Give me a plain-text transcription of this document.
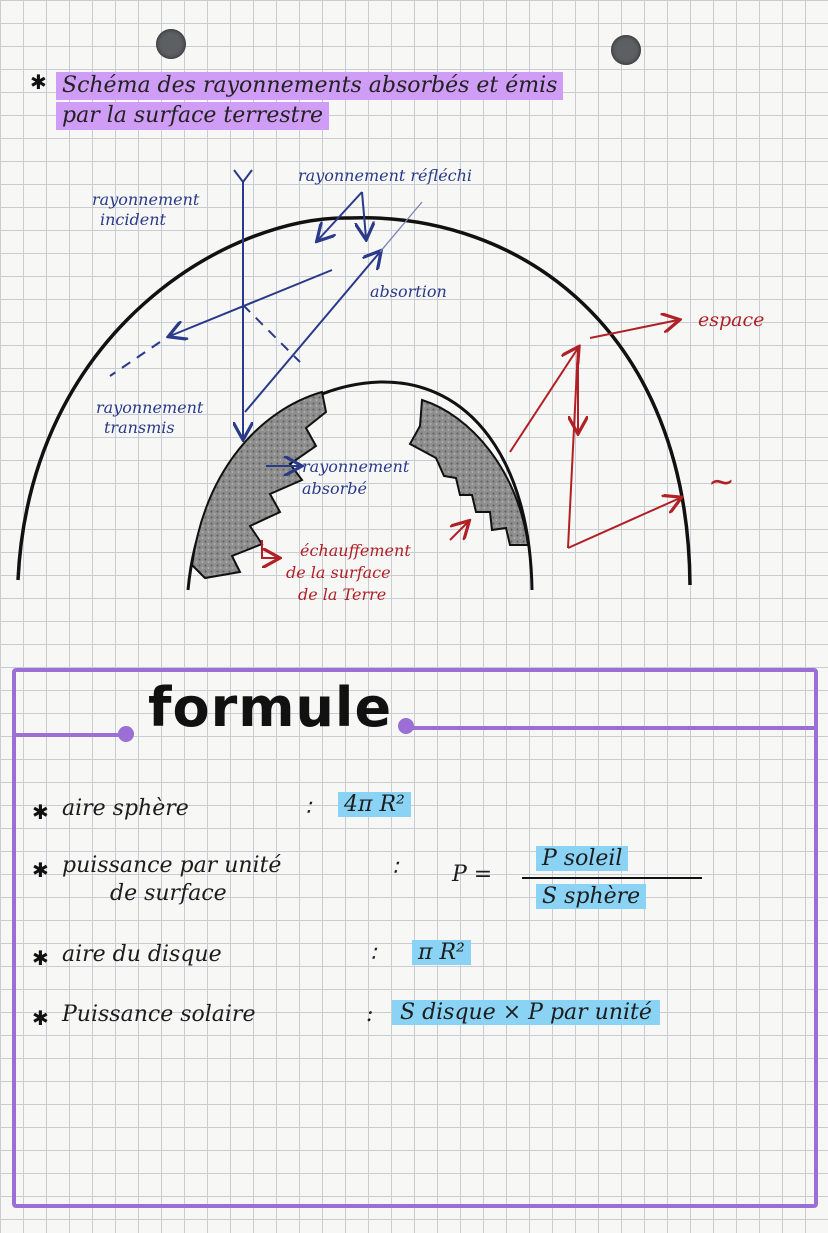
✱ Schéma des rayonnements absorbés et émis
par la surface terrestre
rayonnement
incident
rayonnement réfléchi
absortion
rayonnement
transmis
rayonnement
absorbé
échauffement
de la surface
de la Terre
espace
~
formule
✱ aire sphère	∶ 4π R²
✱ puissance par unité
de surface
∶ P =
P soleil
S sphère
✱ aire du disque	∶ π R²
✱ Puissance solaire	:	S disque × P par unité
